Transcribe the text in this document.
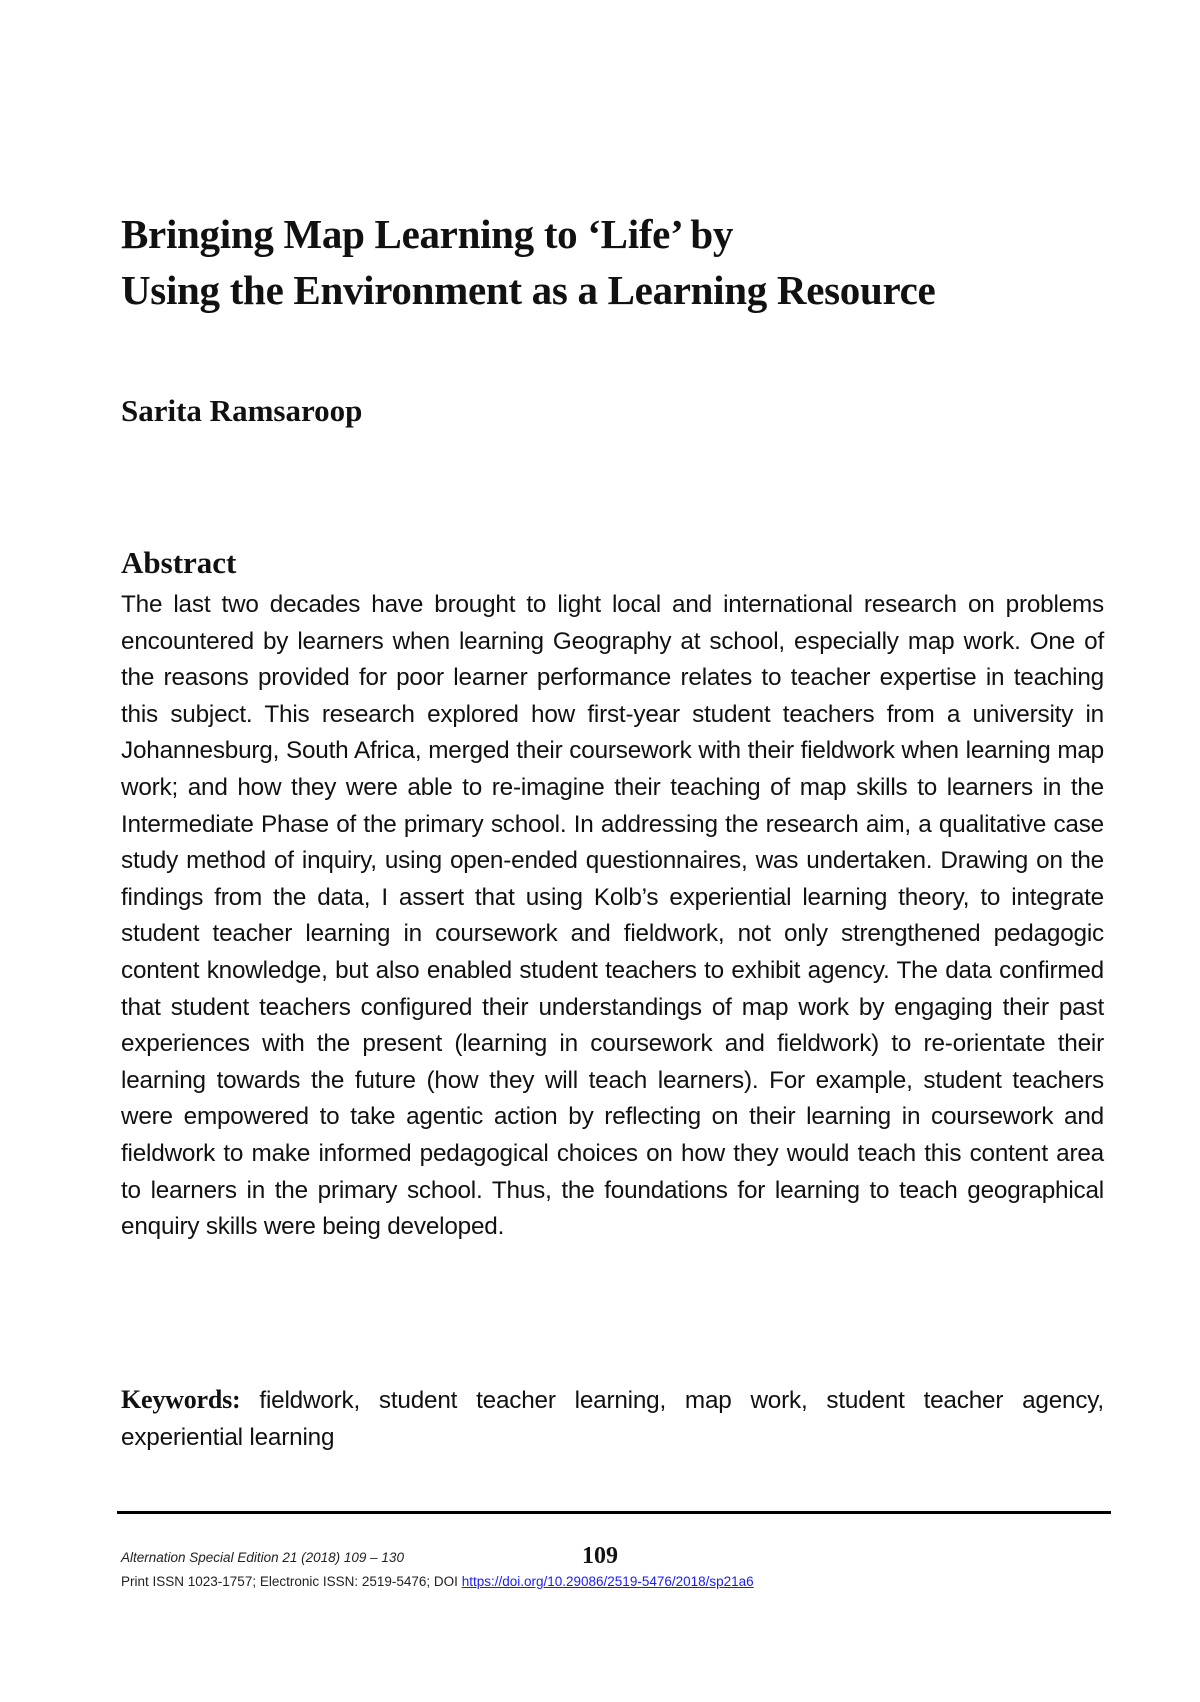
Bringing Map Learning to ‘Life’ by
Using the Environment as a Learning Resource

Sarita Ramsaroop

Abstract

The last two decades have brought to light local and international research on problems encountered by learners when learning Geography at school, especially map work. One of the reasons provided for poor learner performance relates to teacher expertise in teaching this subject. This research explored how first-year student teachers from a university in Johannesburg, South Africa, merged their coursework with their fieldwork when learning map work; and how they were able to re-imagine their teaching of map skills to learners in the Intermediate Phase of the primary school. In addressing the research aim, a qualitative case study method of inquiry, using open-ended questionnaires, was undertaken. Drawing on the findings from the data, I assert that using Kolb’s experiential learning theory, to integrate student teacher learning in coursework and fieldwork, not only strengthened pedagogic content knowledge, but also enabled student teachers to exhibit agency. The data confirmed that student teachers configured their understandings of map work by engaging their past experiences with the present (learning in coursework and fieldwork) to re-orientate their learning towards the future (how they will teach learners). For example, student teachers were empowered to take agentic action by reflecting on their learning in coursework and fieldwork to make informed pedagogical choices on how they would teach this content area to learners in the primary school. Thus, the foundations for learning to teach geographical enquiry skills were being developed.

Keywords: fieldwork, student teacher learning, map work, student teacher agency, experiential learning

Alternation Special Edition 21 (2018) 109 – 130	109
Print ISSN 1023-1757; Electronic ISSN: 2519-5476; DOI https://doi.org/10.29086/2519-5476/2018/sp21a6
